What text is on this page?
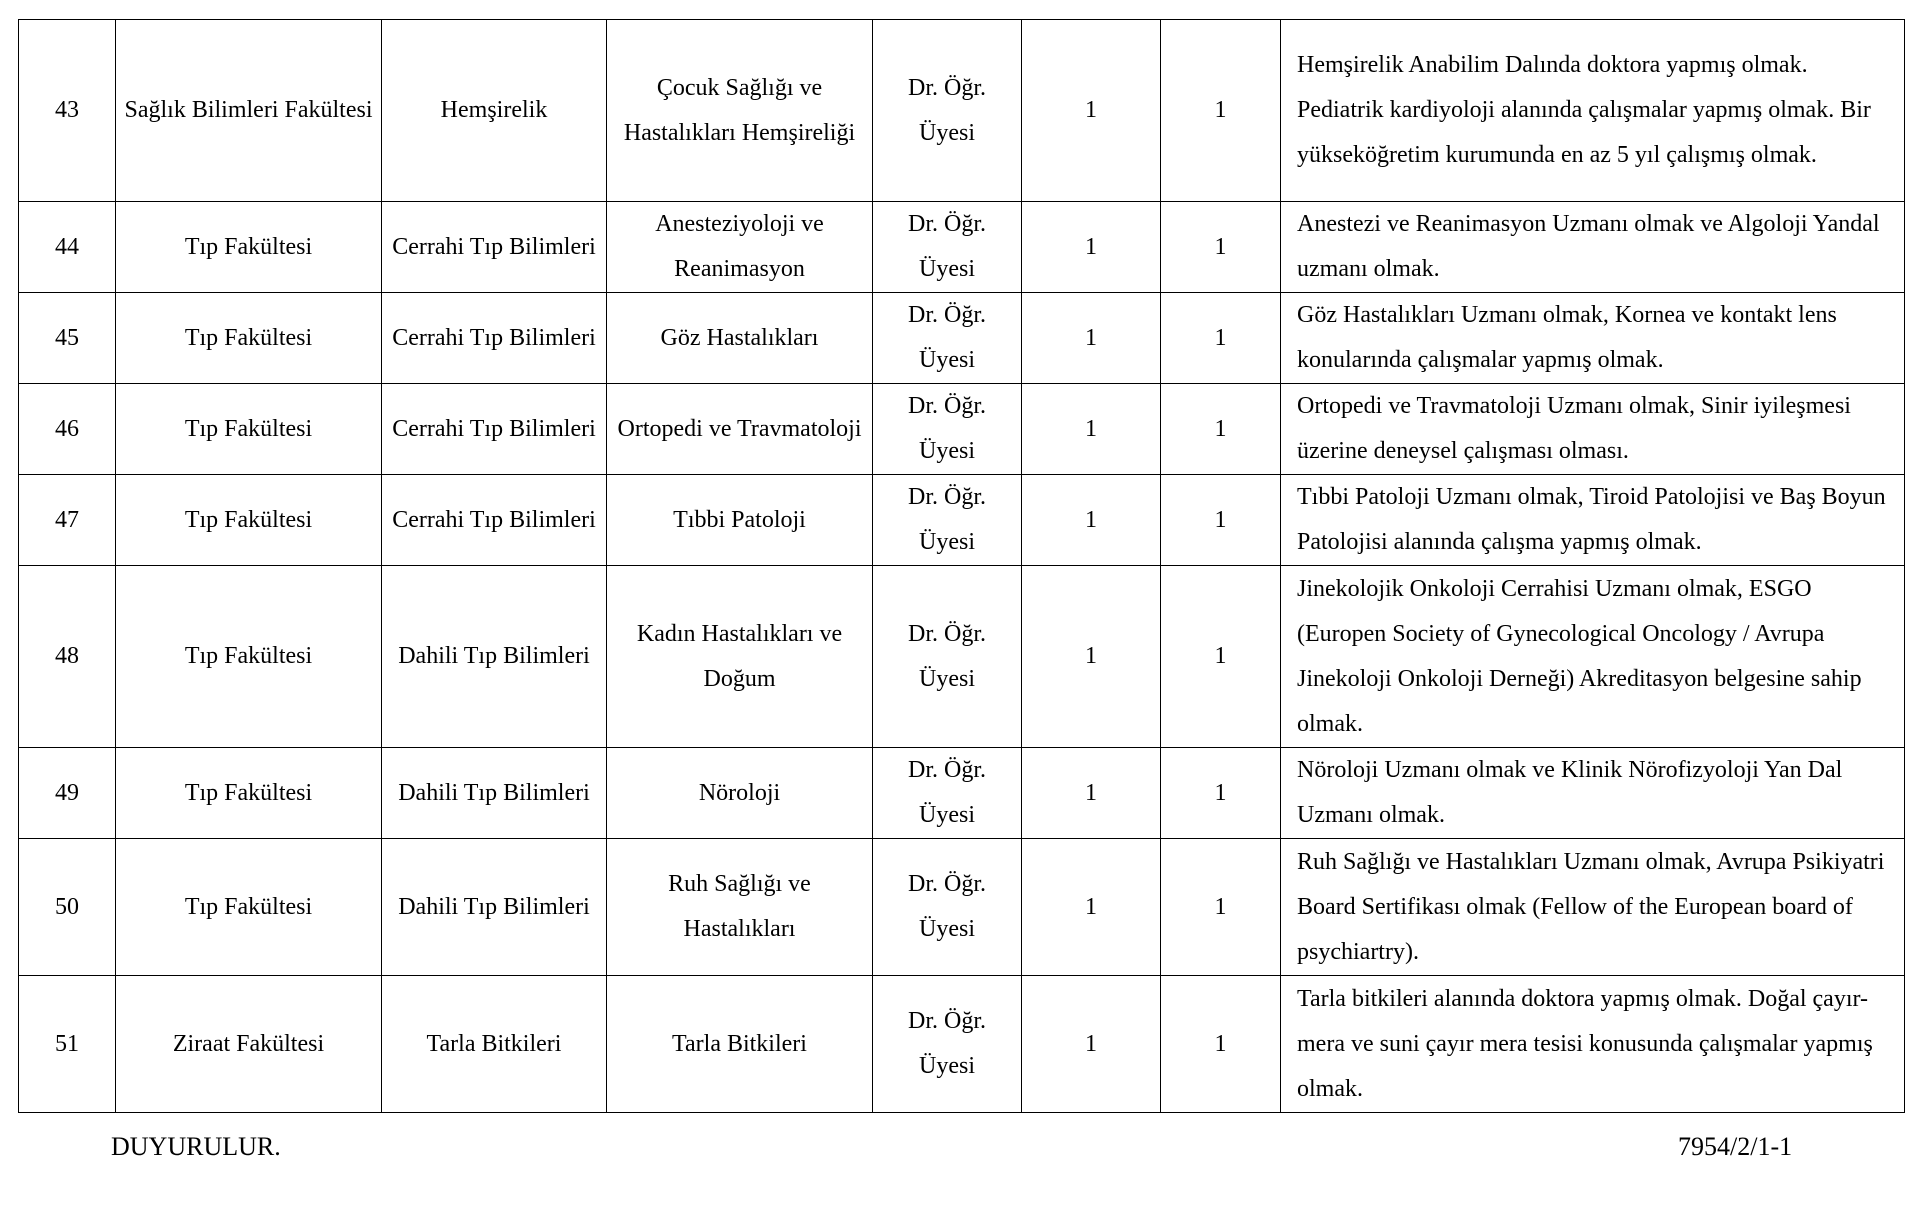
43	Sağlık Bilimleri Fakültesi	Hemşirelik	Çocuk Sağlığı ve Hastalıkları Hemşireliği	Dr. Öğr. Üyesi	1	1	Hemşirelik Anabilim Dalında doktora yapmış olmak. Pediatrik kardiyoloji alanında çalışmalar yapmış olmak. Bir yükseköğretim kurumunda en az 5 yıl çalışmış olmak.
44	Tıp Fakültesi	Cerrahi Tıp Bilimleri	Anesteziyoloji ve Reanimasyon	Dr. Öğr. Üyesi	1	1	Anestezi ve Reanimasyon Uzmanı olmak ve Algoloji Yandal uzmanı olmak.
45	Tıp Fakültesi	Cerrahi Tıp Bilimleri	Göz Hastalıkları	Dr. Öğr. Üyesi	1	1	Göz Hastalıkları Uzmanı olmak, Kornea ve kontakt lens konularında çalışmalar yapmış olmak.
46	Tıp Fakültesi	Cerrahi Tıp Bilimleri	Ortopedi ve Travmatoloji	Dr. Öğr. Üyesi	1	1	Ortopedi ve Travmatoloji Uzmanı olmak, Sinir iyileşmesi üzerine deneysel çalışması olması.
47	Tıp Fakültesi	Cerrahi Tıp Bilimleri	Tıbbi Patoloji	Dr. Öğr. Üyesi	1	1	Tıbbi Patoloji Uzmanı olmak, Tiroid Patolojisi ve Baş Boyun Patolojisi alanında çalışma yapmış olmak.
48	Tıp Fakültesi	Dahili Tıp Bilimleri	Kadın Hastalıkları ve Doğum	Dr. Öğr. Üyesi	1	1	Jinekolojik Onkoloji Cerrahisi Uzmanı olmak, ESGO (Europen Society of Gynecological Oncology / Avrupa Jinekoloji Onkoloji Derneği) Akreditasyon belgesine sahip olmak.
49	Tıp Fakültesi	Dahili Tıp Bilimleri	Nöroloji	Dr. Öğr. Üyesi	1	1	Nöroloji Uzmanı olmak ve Klinik Nörofizyoloji Yan Dal Uzmanı olmak.
50	Tıp Fakültesi	Dahili Tıp Bilimleri	Ruh Sağlığı ve Hastalıkları	Dr. Öğr. Üyesi	1	1	Ruh Sağlığı ve Hastalıkları Uzmanı olmak, Avrupa Psikiyatri Board Sertifikası olmak (Fellow of the European board of psychiartry).
51	Ziraat Fakültesi	Tarla Bitkileri	Tarla Bitkileri	Dr. Öğr. Üyesi	1	1	Tarla bitkileri alanında doktora yapmış olmak. Doğal çayır-mera ve suni çayır mera tesisi konusunda çalışmalar yapmış olmak.
DUYURULUR.	7954/2/1-1
